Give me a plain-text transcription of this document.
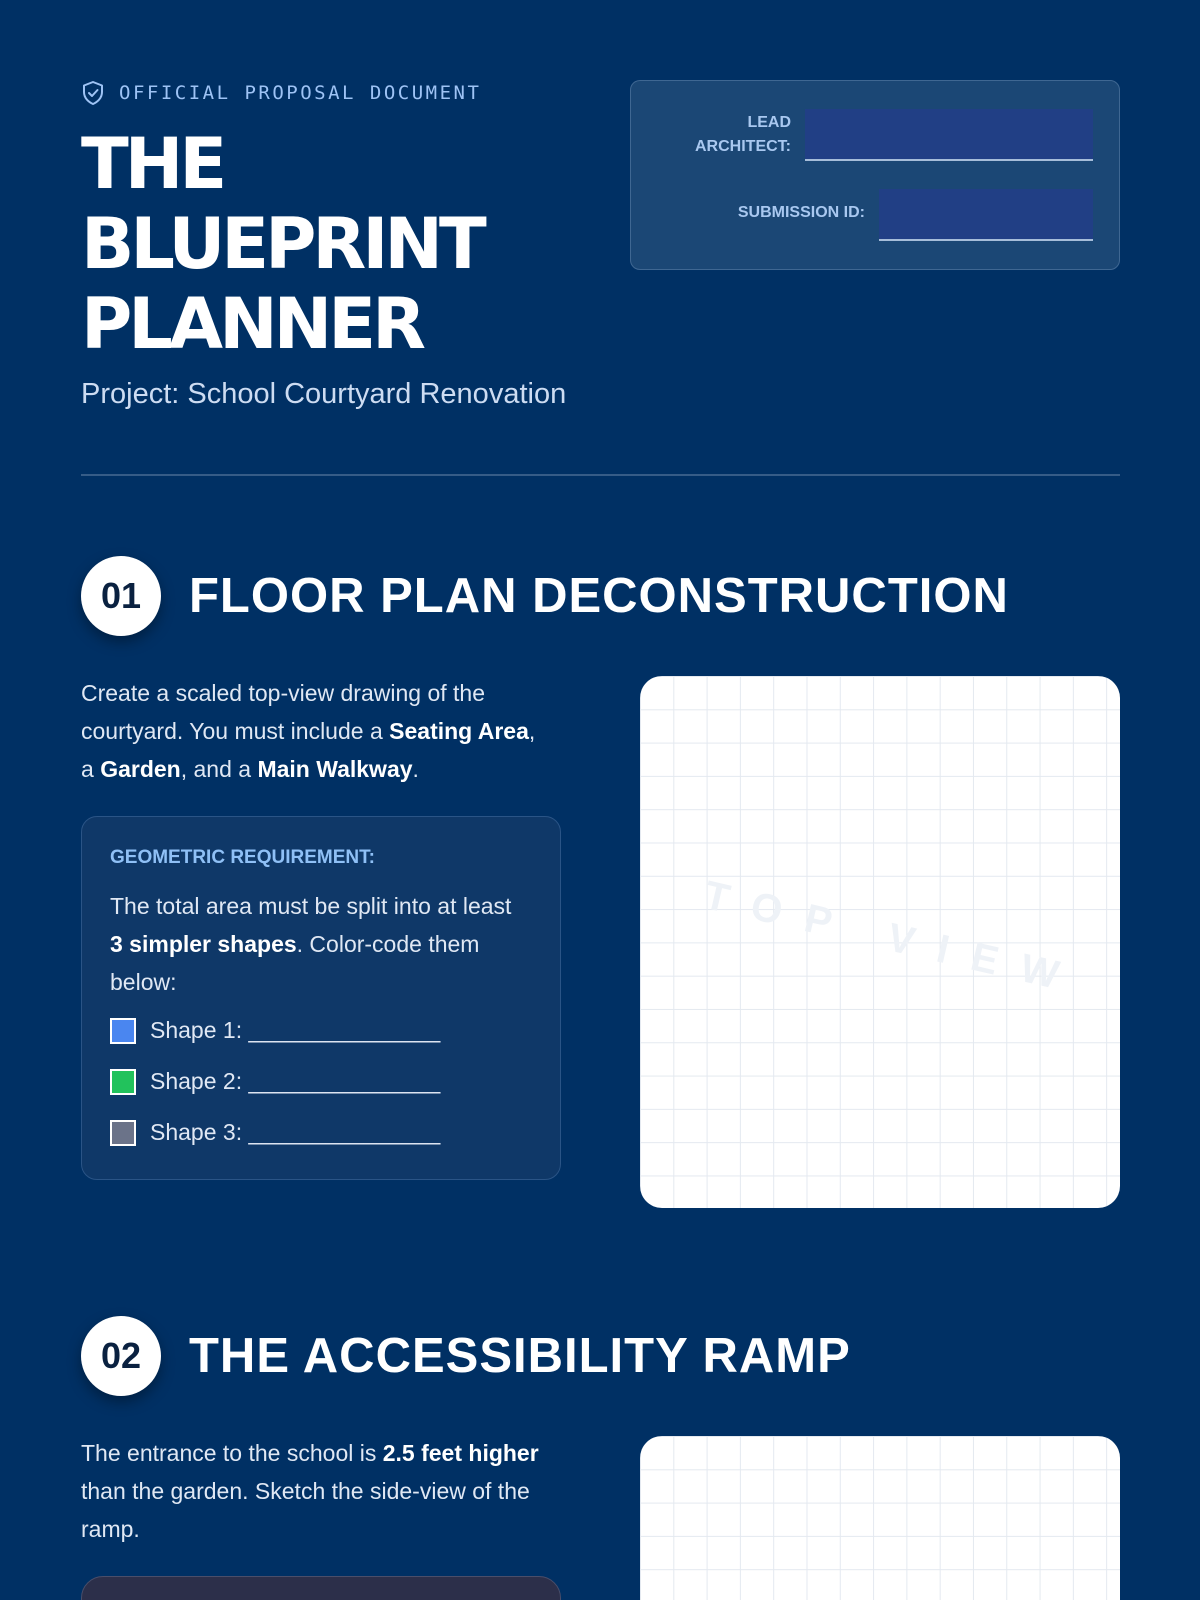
OFFICIAL PROPOSAL DOCUMENT
THE
BLUEPRINT
PLANNER
Project: School Courtyard Renovation
LEAD
ARCHITECT:
SUBMISSION ID:
01 FLOOR PLAN DECONSTRUCTION

Create a scaled top-view drawing of the courtyard. You must include a Seating Area, a Garden, and a Main Walkway.

GEOMETRIC REQUIREMENT:

The total area must be split into at least 3 simpler shapes. Color-code them below:

Shape 1: _______________
Shape 2: _______________
Shape 3: _______________
TOP VIEW
02 THE ACCESSIBILITY RAMP

The entrance to the school is 2.5 feet higher than the garden. Sketch the side-view of the ramp.
